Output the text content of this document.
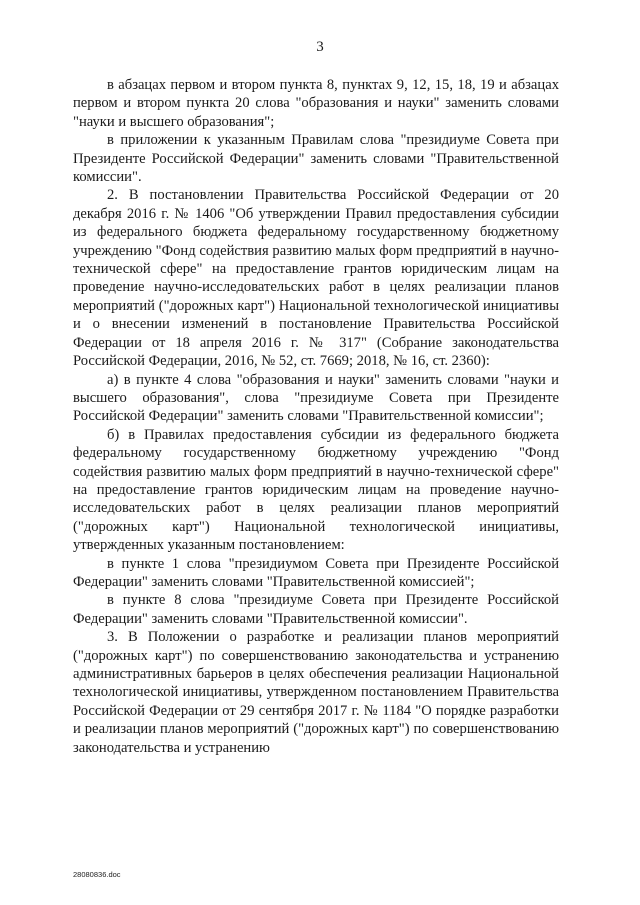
3

в абзацах первом и втором пункта 8, пунктах 9, 12, 15, 18, 19 и абзацах первом и втором пункта 20 слова "образования и науки" заменить словами "науки и высшего образования";

в приложении к указанным Правилам слова "президиуме Совета при Президенте Российской Федерации" заменить словами "Правительственной комиссии".

2. В постановлении Правительства Российской Федерации от 20 декабря 2016 г. № 1406 "Об утверждении Правил предоставления субсидии из федерального бюджета федеральному государственному бюджетному учреждению "Фонд содействия развитию малых форм предприятий в научно-технической сфере" на предоставление грантов юридическим лицам на проведение научно-исследовательских работ в целях реализации планов мероприятий ("дорожных карт") Национальной технологической инициативы и о внесении изменений в постановление Правительства Российской Федерации от 18 апреля 2016 г. № 317" (Собрание законодательства Российской Федерации, 2016, № 52, ст. 7669; 2018, № 16, ст. 2360):

а) в пункте 4 слова "образования и науки" заменить словами "науки и высшего образования", слова "президиуме Совета при Президенте Российской Федерации" заменить словами "Правительственной комиссии";

б) в Правилах предоставления субсидии из федерального бюджета федеральному государственному бюджетному учреждению "Фонд содействия развитию малых форм предприятий в научно-технической сфере" на предоставление грантов юридическим лицам на проведение научно-исследовательских работ в целях реализации планов мероприятий ("дорожных карт") Национальной технологической инициативы, утвержденных указанным постановлением:

в пункте 1 слова "президиумом Совета при Президенте Российской Федерации" заменить словами "Правительственной комиссией";

в пункте 8 слова "президиуме Совета при Президенте Российской Федерации" заменить словами "Правительственной комиссии".

3. В Положении о разработке и реализации планов мероприятий ("дорожных карт") по совершенствованию законодательства и устранению административных барьеров в целях обеспечения реализации Национальной технологической инициативы, утвержденном постановлением Правительства Российской Федерации от 29 сентября 2017 г. № 1184 "О порядке разработки и реализации планов мероприятий ("дорожных карт") по совершенствованию законодательства и устранению

28080836.doc
